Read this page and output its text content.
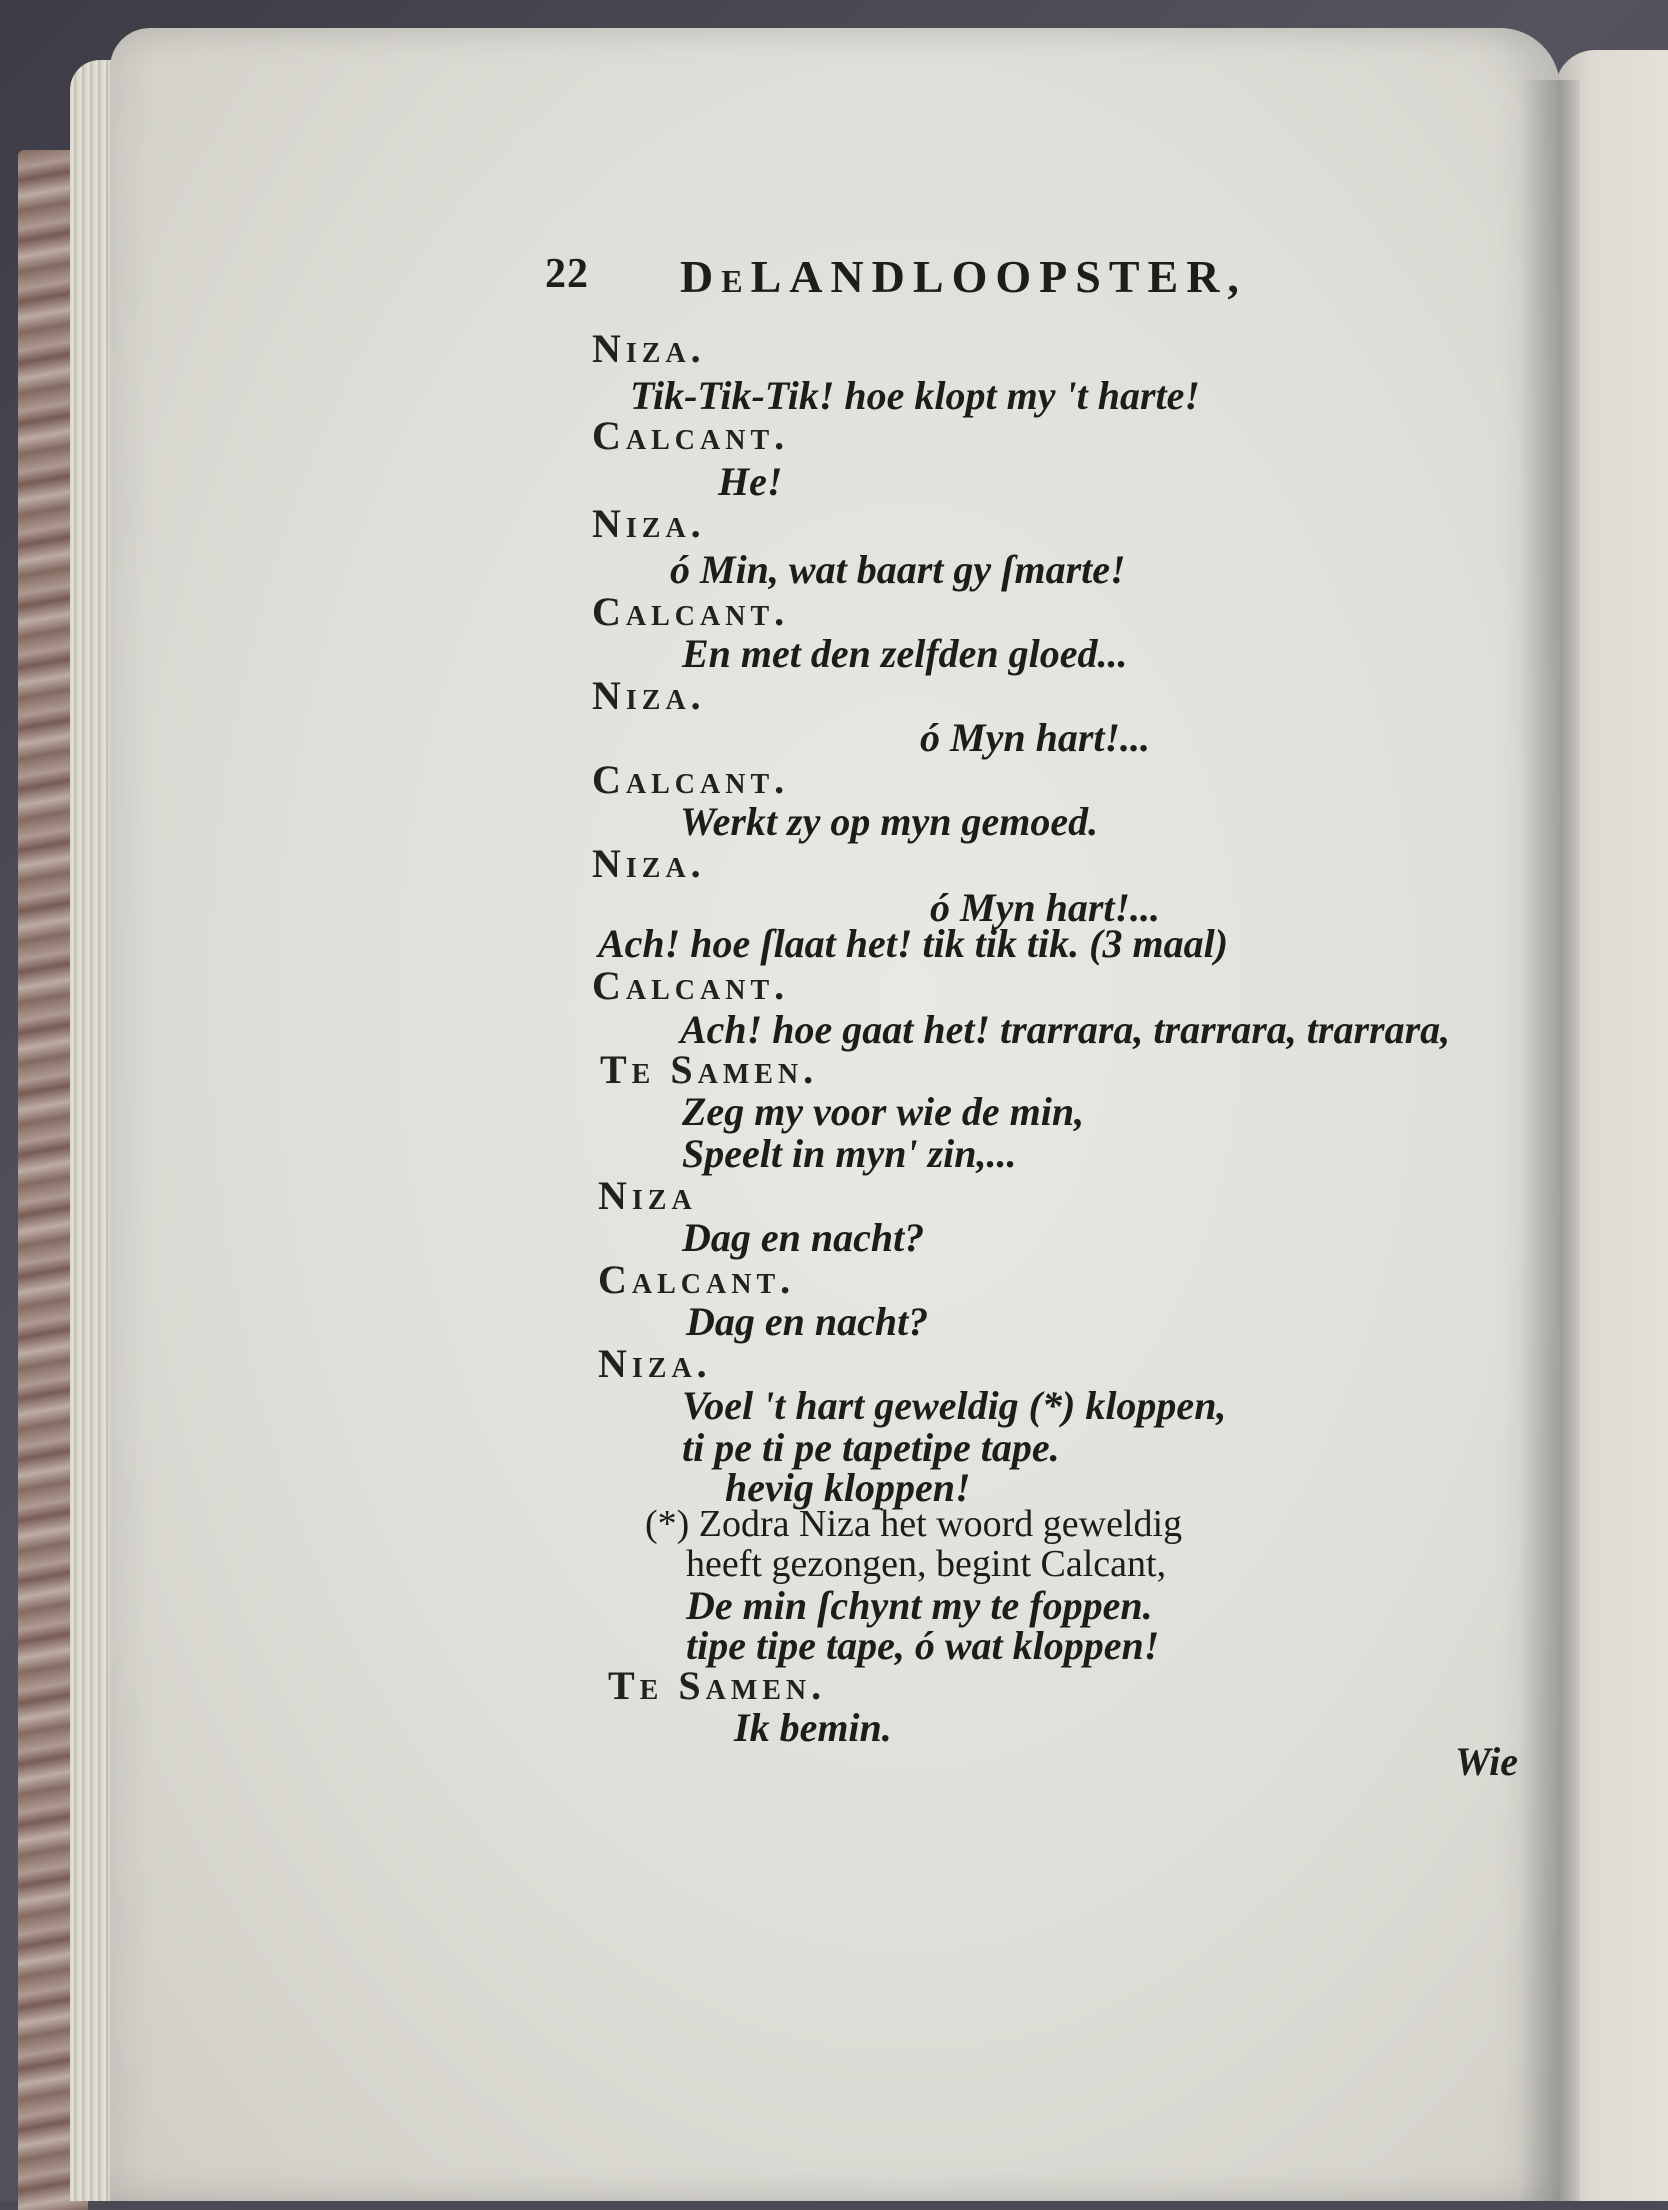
22 DeLANDLOOPSTER,
Niza.
Tik-Tik-Tik! hoe klopt my 't harte!
Calcant.
He!
Niza.
ó Min, wat baart gy ſmarte!
Calcant.
En met den zelfden gloed...
Niza.
ó Myn hart!...
Calcant.
Werkt zy op myn gemoed.
Niza.
ó Myn hart!...
Ach! hoe ſlaat het! tik tik tik. (3 maal)
Calcant.
Ach! hoe gaat het! trarrara, trarrara, trarrara,
Te Samen.
Zeg my voor wie de min,
Speelt in myn' zin,...
Niza
Dag en nacht?
Calcant.
Dag en nacht?
Niza.
Voel 't hart geweldig (*) kloppen,
ti pe ti pe tapetipe tape.
hevig kloppen!
(*) Zodra Niza het woord geweldig
heeft gezongen, begint Calcant,
De min ſchynt my te foppen.
tipe tipe tape, ó wat kloppen!
Te Samen.
Ik bemin.
Wie
